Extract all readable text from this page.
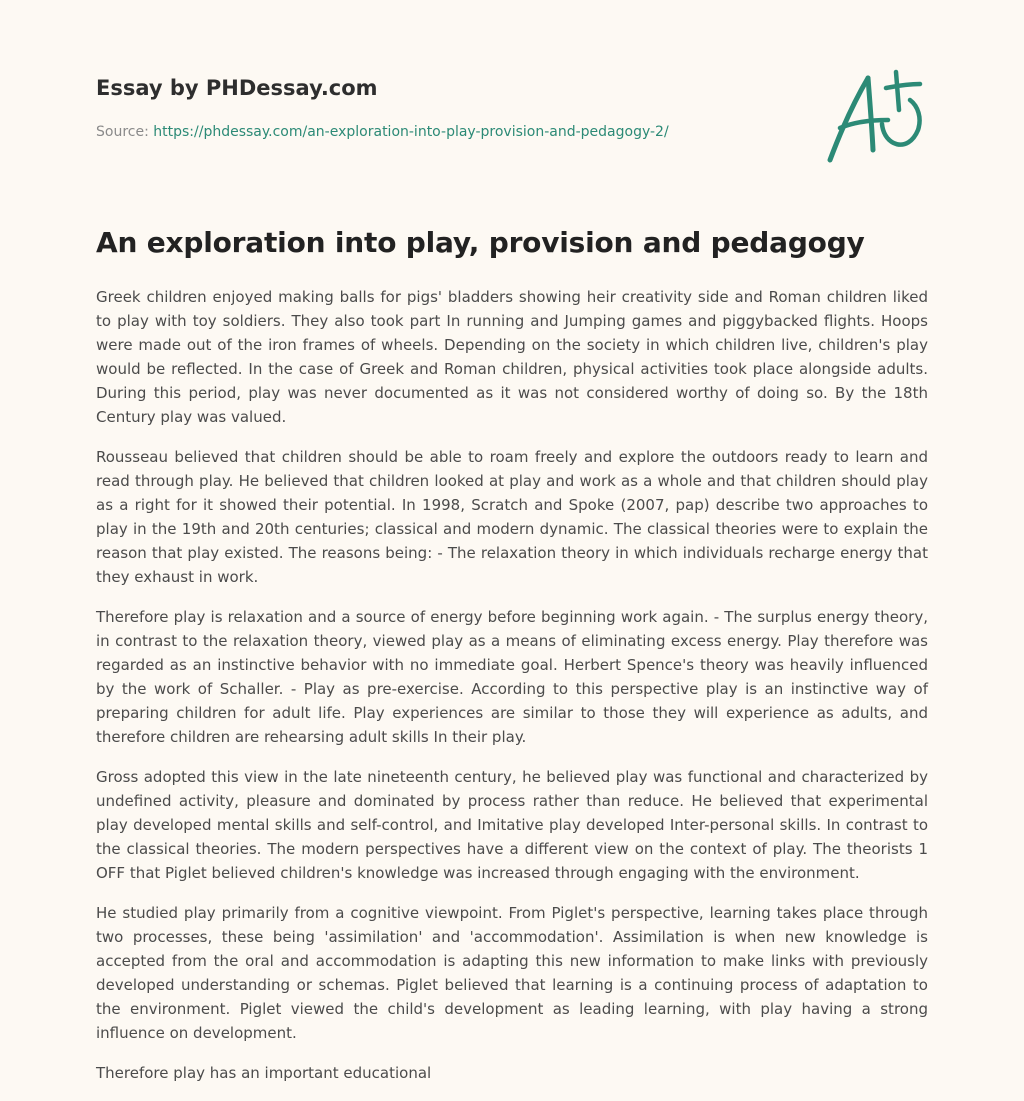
Essay by PHDessay.com
Source: https://phdessay.com/an-exploration-into-play-provision-and-pedagogy-2/
An exploration into play, provision and pedagogy

Greek children enjoyed making balls for pigs' bladders showing heir creativity side and Roman children liked to play with toy soldiers. They also took part In running and Jumping games and piggybacked flights. Hoops were made out of the iron frames of wheels. Depending on the society in which children live, children's play would be reflected. In the case of Greek and Roman children, physical activities took place alongside adults. During this period, play was never documented as it was not considered worthy of doing so. By the 18th Century play was valued.

Rousseau believed that children should be able to roam freely and explore the outdoors ready to learn and read through play. He believed that children looked at play and work as a whole and that children should play as a right for it showed their potential. In 1998, Scratch and Spoke (2007, pap) describe two approaches to play in the 19th and 20th centuries; classical and modern dynamic. The classical theories were to explain the reason that play existed. The reasons being: - The relaxation theory in which individuals recharge energy that they exhaust in work.

Therefore play is relaxation and a source of energy before beginning work again. - The surplus energy theory, in contrast to the relaxation theory, viewed play as a means of eliminating excess energy. Play therefore was regarded as an instinctive behavior with no immediate goal. Herbert Spence's theory was heavily influenced by the work of Schaller. - Play as pre-exercise. According to this perspective play is an instinctive way of preparing children for adult life. Play experiences are similar to those they will experience as adults, and therefore children are rehearsing adult skills In their play.

Gross adopted this view in the late nineteenth century, he believed play was functional and characterized by undefined activity, pleasure and dominated by process rather than reduce. He believed that experimental play developed mental skills and self-control, and Imitative play developed Inter-personal skills. In contrast to the classical theories. The modern perspectives have a different view on the context of play. The theorists 1 OFF that Piglet believed children's knowledge was increased through engaging with the environment.

He studied play primarily from a cognitive viewpoint. From Piglet's perspective, learning takes place through two processes, these being 'assimilation' and 'accommodation'. Assimilation is when new knowledge is accepted from the oral and accommodation is adapting this new information to make links with previously developed understanding or schemas. Piglet believed that learning is a continuing process of adaptation to the environment. Piglet viewed the child's development as leading learning, with play having a strong influence on development.

Therefore play has an important educational
